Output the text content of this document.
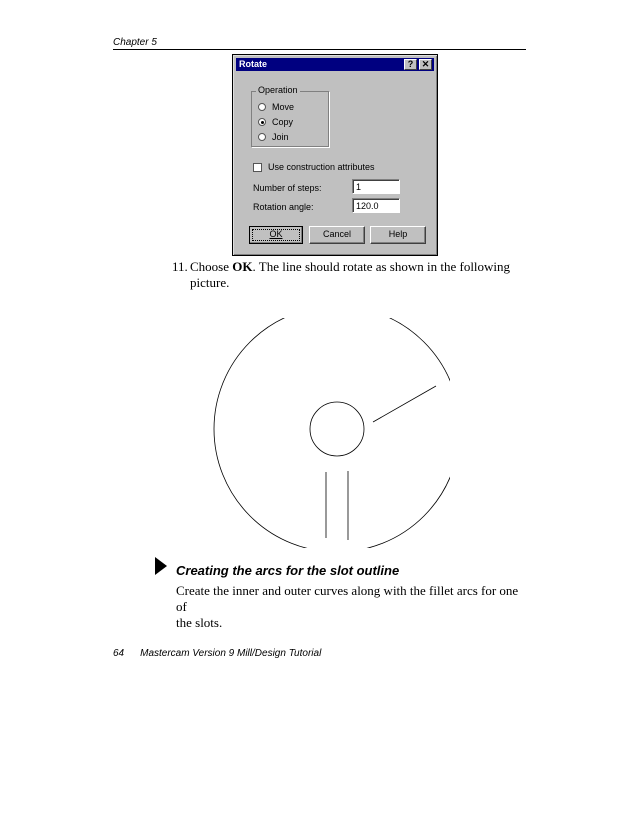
Chapter 5
Rotate	? ✕
Operation
Move
Copy
Join
Use construction attributes
Number of steps:	1
Rotation angle:	120.0
OK	Cancel	Help
11. Choose OK. The line should rotate as shown in the following
picture.
Creating the arcs for the slot outline
Create the inner and outer curves along with the fillet arcs for one of
the slots.
64 Mastercam Version 9 Mill/Design Tutorial
